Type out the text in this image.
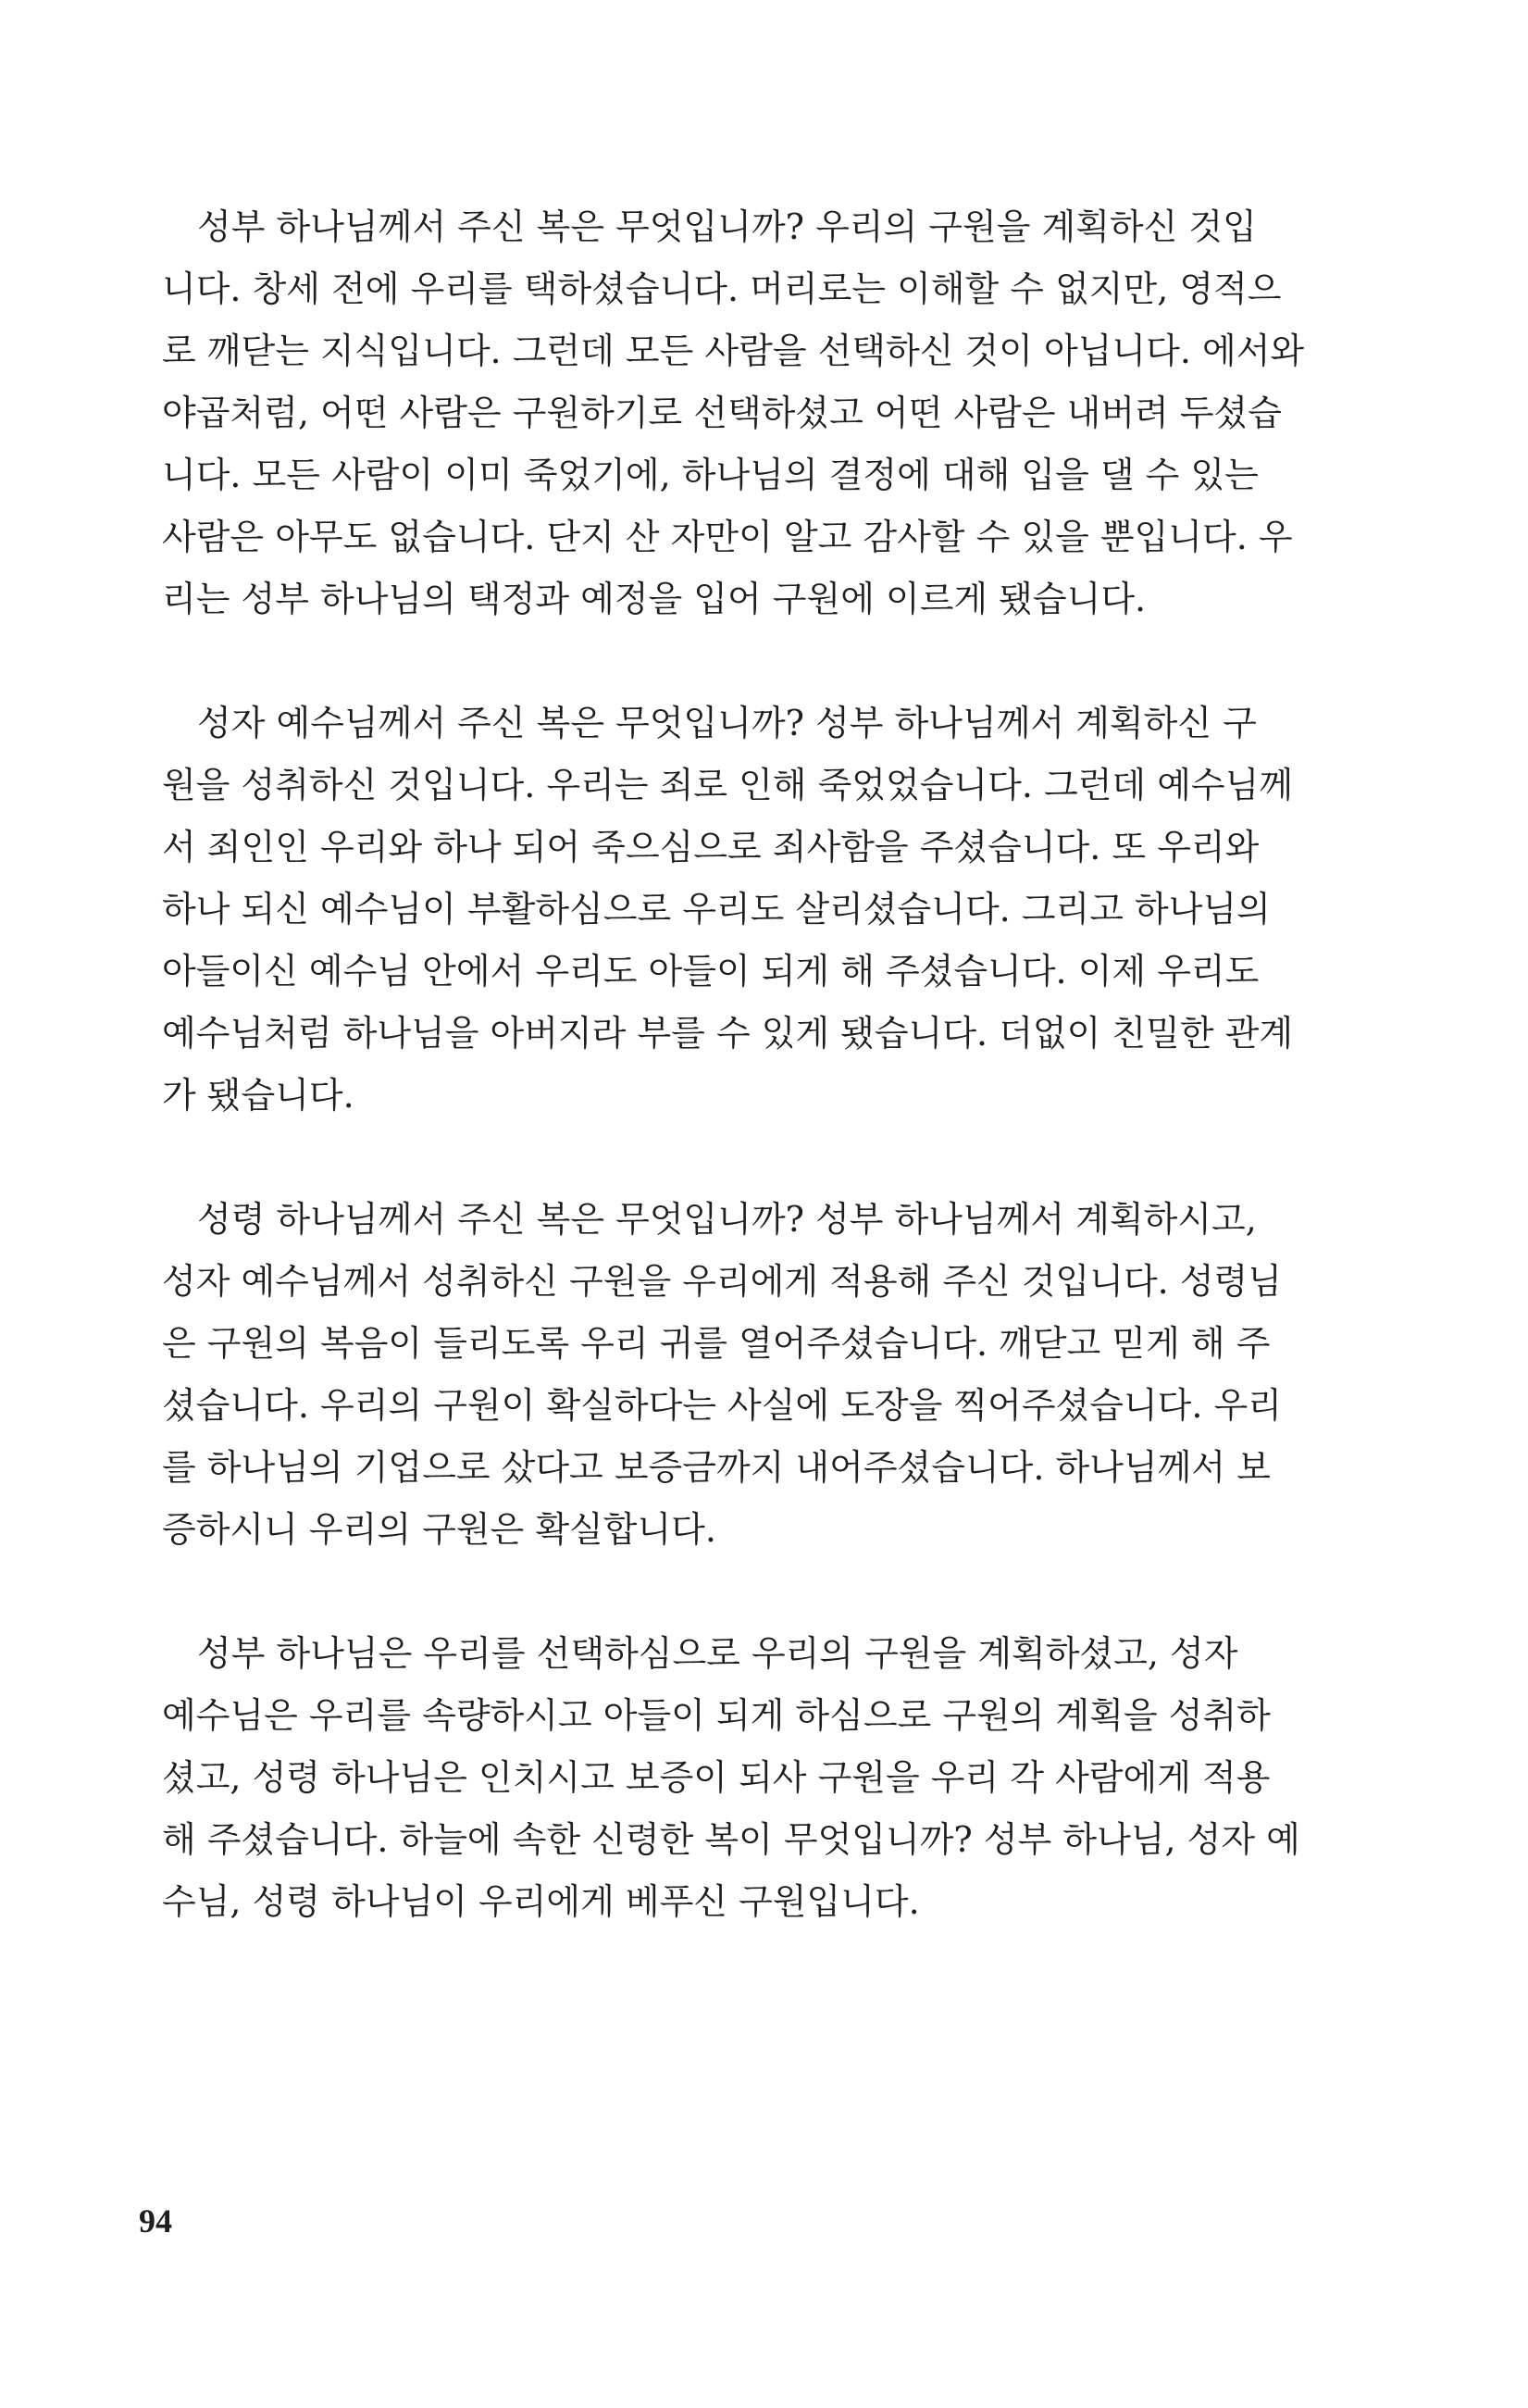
성부 하나님께서 주신 복은 무엇입니까? 우리의 구원을 계획하신 것입
니다. 창세 전에 우리를 택하셨습니다. 머리로는 이해할 수 없지만, 영적으
로 깨닫는 지식입니다. 그런데 모든 사람을 선택하신 것이 아닙니다. 에서와
야곱처럼, 어떤 사람은 구원하기로 선택하셨고 어떤 사람은 내버려 두셨습
니다. 모든 사람이 이미 죽었기에, 하나님의 결정에 대해 입을 댈 수 있는
사람은 아무도 없습니다. 단지 산 자만이 알고 감사할 수 있을 뿐입니다. 우
리는 성부 하나님의 택정과 예정을 입어 구원에 이르게 됐습니다.

성자 예수님께서 주신 복은 무엇입니까? 성부 하나님께서 계획하신 구
원을 성취하신 것입니다. 우리는 죄로 인해 죽었었습니다. 그런데 예수님께
서 죄인인 우리와 하나 되어 죽으심으로 죄사함을 주셨습니다. 또 우리와
하나 되신 예수님이 부활하심으로 우리도 살리셨습니다. 그리고 하나님의
아들이신 예수님 안에서 우리도 아들이 되게 해 주셨습니다. 이제 우리도
예수님처럼 하나님을 아버지라 부를 수 있게 됐습니다. 더없이 친밀한 관계
가 됐습니다.

성령 하나님께서 주신 복은 무엇입니까? 성부 하나님께서 계획하시고,
성자 예수님께서 성취하신 구원을 우리에게 적용해 주신 것입니다. 성령님
은 구원의 복음이 들리도록 우리 귀를 열어주셨습니다. 깨닫고 믿게 해 주
셨습니다. 우리의 구원이 확실하다는 사실에 도장을 찍어주셨습니다. 우리
를 하나님의 기업으로 샀다고 보증금까지 내어주셨습니다. 하나님께서 보
증하시니 우리의 구원은 확실합니다.

성부 하나님은 우리를 선택하심으로 우리의 구원을 계획하셨고, 성자
예수님은 우리를 속량하시고 아들이 되게 하심으로 구원의 계획을 성취하
셨고, 성령 하나님은 인치시고 보증이 되사 구원을 우리 각 사람에게 적용
해 주셨습니다. 하늘에 속한 신령한 복이 무엇입니까? 성부 하나님, 성자 예
수님, 성령 하나님이 우리에게 베푸신 구원입니다.

94
